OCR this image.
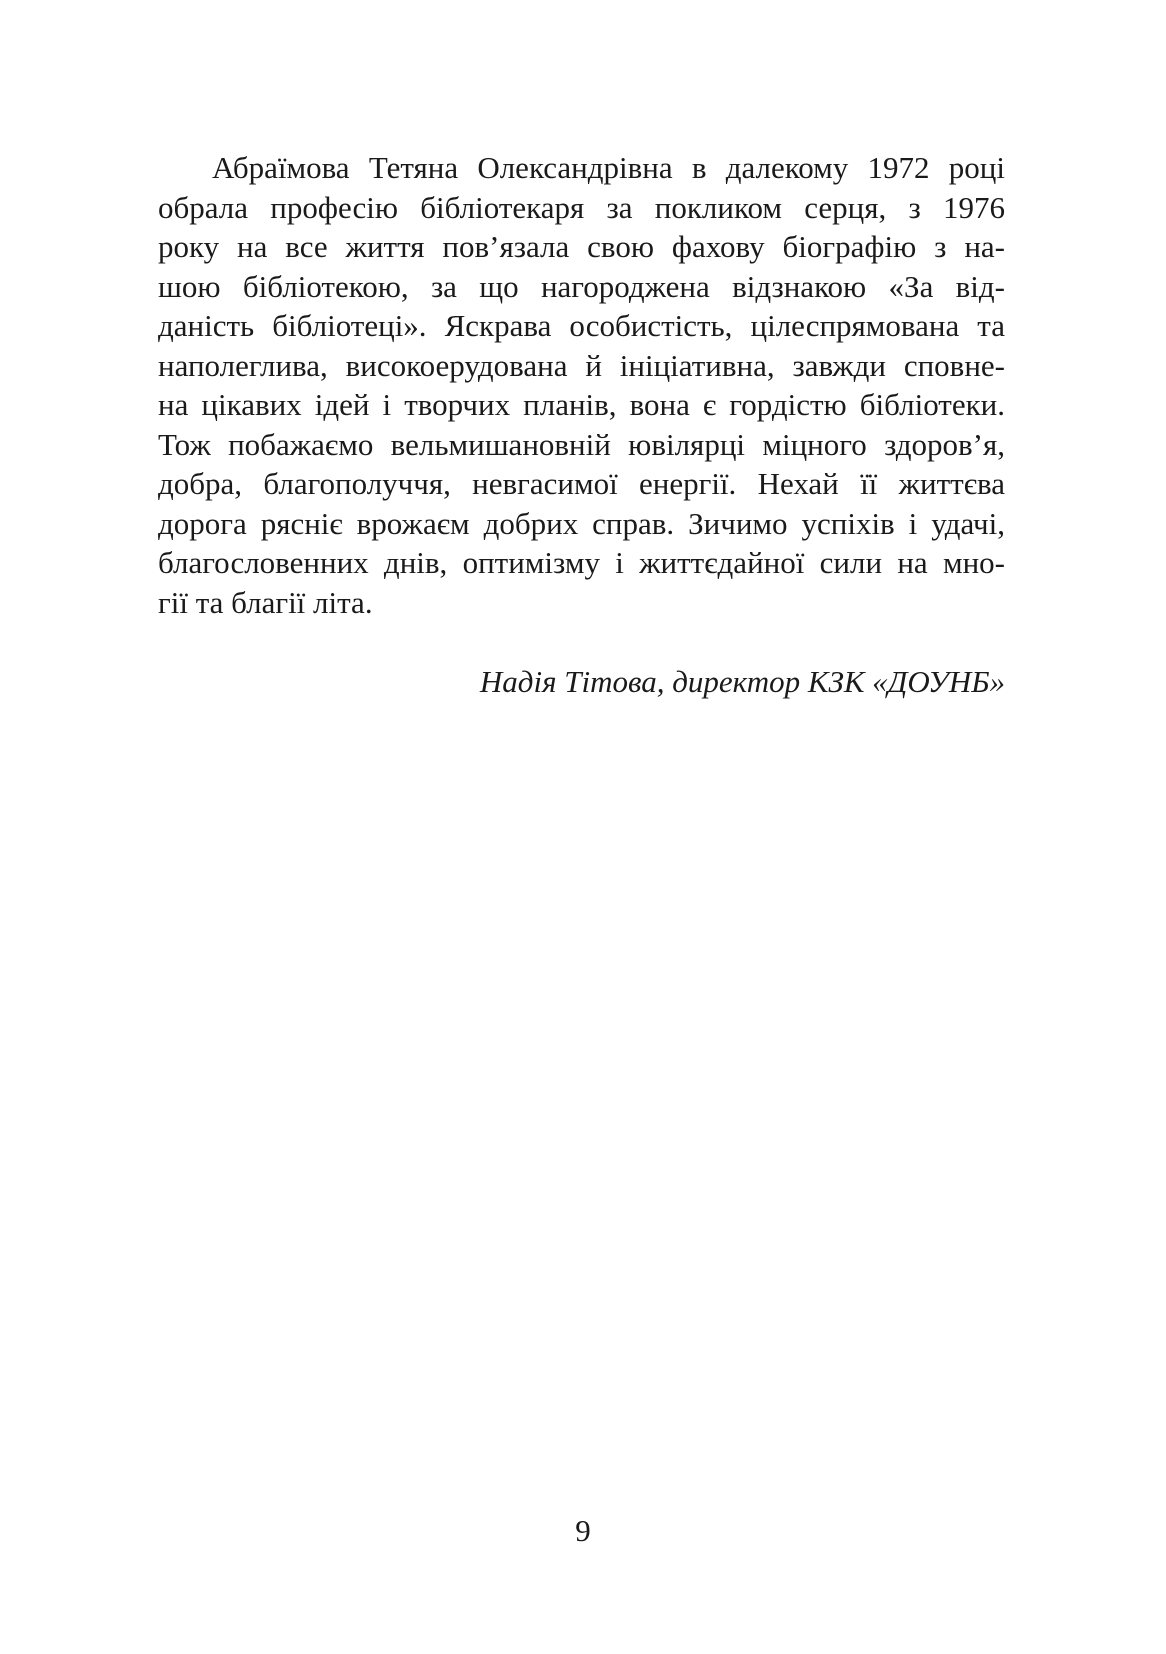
Абраїмова Тетяна Олександрівна в далекому 1972 році
обрала професію бібліотекаря за покликом серця, з 1976
року на все життя пов’язала свою фахову біографію з на-
шою бібліотекою, за що нагороджена відзнакою «За від-
даність бібліотеці». Яскрава особистість, цілеспрямована та
наполеглива, високоерудована й ініціативна, завжди сповне-
на цікавих ідей і творчих планів, вона є гордістю бібліотеки.
Тож побажаємо вельмишановній ювілярці міцного здоров’я,
добра, благополуччя, невгасимої енергії. Нехай її життєва
дорога рясніє врожаєм добрих справ. Зичимо успіхів і удачі,
благословенних днів, оптимізму і життєдайної сили на мно-
гії та благії літа.
Надія Тітова, директор КЗК «ДОУНБ»
9
